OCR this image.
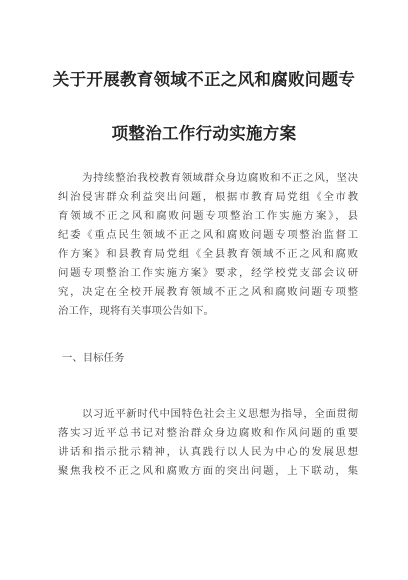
关于开展教育领域不正之风和腐败问题专
项整治工作行动实施方案
为持续整治我校教育领域群众身边腐败和不正之风，坚决
纠治侵害群众利益突出问题，根据市教育局党组《全市教
育领域不正之风和腐败问题专项整治工作实施方案》，县
纪委《重点民生领域不正之风和腐败问题专项整治监督工
作方案》和县教育局党组《全县教育领域不正之风和腐败
问题专项整治工作实施方案》要求，经学校党支部会议研
究，决定在全校开展教育领域不正之风和腐败问题专项整
治工作，现将有关事项公告如下。
一、目标任务
以习近平新时代中国特色社会主义思想为指导，全面贯彻
落实习近平总书记对整治群众身边腐败和作风问题的重要
讲话和指示批示精神，认真践行以人民为中心的发展思想
聚焦我校不正之风和腐败方面的突出问题，上下联动，集
